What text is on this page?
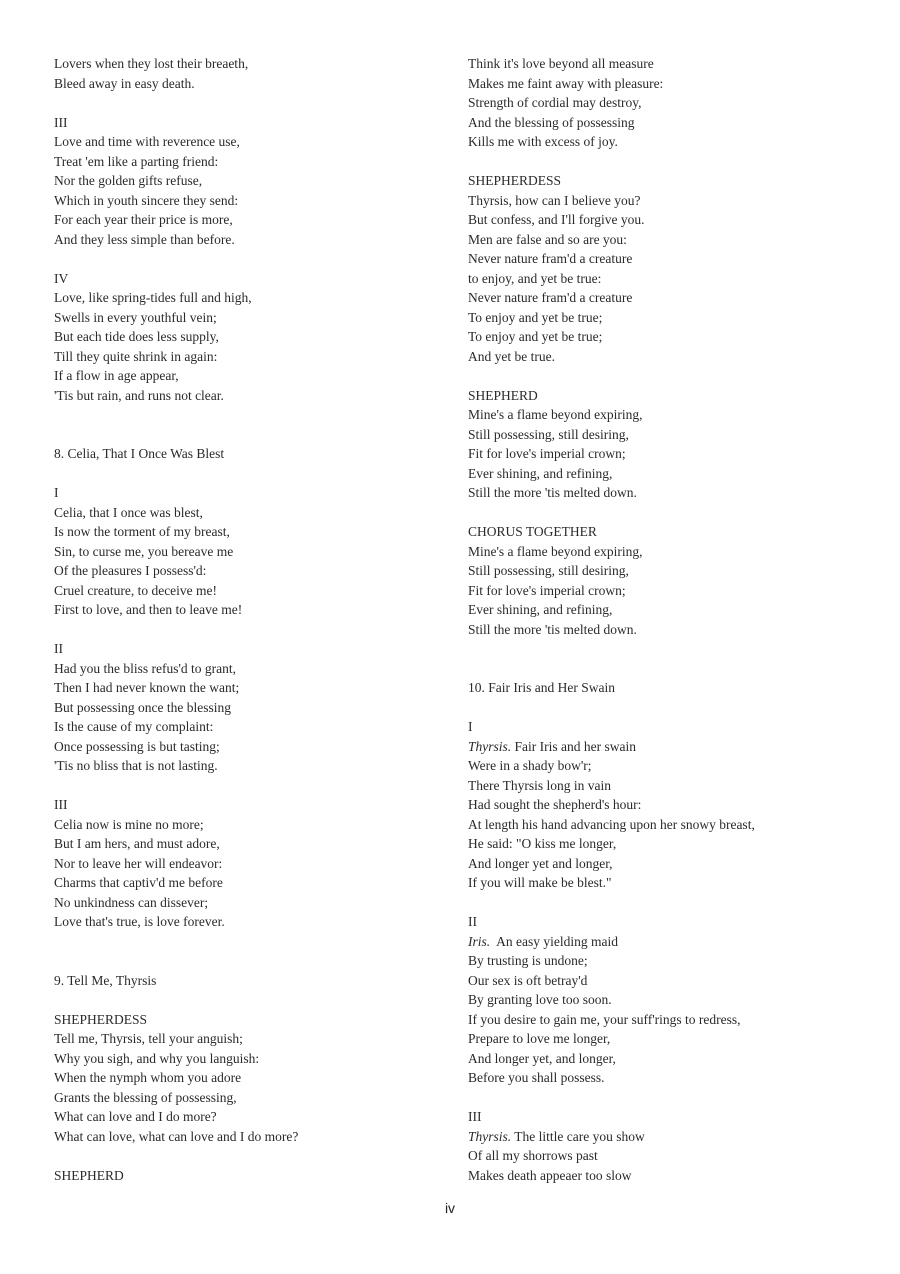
Lovers when they lost their breaeth,
Bleed away in easy death.
III
Love and time with reverence use,
Treat 'em like a parting friend:
Nor the golden gifts refuse,
Which in youth sincere they send:
For each year their price is more,
And they less simple than before.
IV
Love, like spring-tides full and high,
Swells in every youthful vein;
But each tide does less supply,
Till they quite shrink in again:
If a flow in age appear,
'Tis but rain, and runs not clear.
8. Celia, That I Once Was Blest
I
Celia, that I once was blest,
Is now the torment of my breast,
Sin, to curse me, you bereave me
Of the pleasures I possess'd:
Cruel creature, to deceive me!
First to love, and then to leave me!
II
Had you the bliss refus'd to grant,
Then I had never known the want;
But possessing once the blessing
Is the cause of my complaint:
Once possessing is but tasting;
'Tis no bliss that is not lasting.
III
Celia now is mine no more;
But I am hers, and must adore,
Nor to leave her will endeavor:
Charms that captiv'd me before
No unkindness can dissever;
Love that's true, is love forever.
9. Tell Me, Thyrsis
SHEPHERDESS
Tell me, Thyrsis, tell your anguish;
Why you sigh, and why you languish:
When the nymph whom you adore
Grants the blessing of possessing,
What can love and I do more?
What can love, what can love and I do more?
SHEPHERD
Think it's love beyond all measure
Makes me faint away with pleasure:
Strength of cordial may destroy,
And the blessing of possessing
Kills me with excess of joy.
SHEPHERDESS
Thyrsis, how can I believe you?
But confess, and I'll forgive you.
Men are false and so are you:
Never nature fram'd a creature
to enjoy, and yet be true:
Never nature fram'd a creature
To enjoy and yet be true;
To enjoy and yet be true;
And yet be true.
SHEPHERD
Mine's a flame beyond expiring,
Still possessing, still desiring,
Fit for love's imperial crown;
Ever shining, and refining,
Still the more 'tis melted down.
CHORUS TOGETHER
Mine's a flame beyond expiring,
Still possessing, still desiring,
Fit for love's imperial crown;
Ever shining, and refining,
Still the more 'tis melted down.
10. Fair Iris and Her Swain
I
Thyrsis. Fair Iris and her swain
Were in a shady bow'r;
There Thyrsis long in vain
Had sought the shepherd's hour:
At length his hand advancing upon her snowy breast,
He said: "O kiss me longer,
And longer yet and longer,
If you will make be blest."
II
Iris.  An easy yielding maid
By trusting is undone;
Our sex is oft betray'd
By granting love too soon.
If you desire to gain me, your suff'rings to redress,
Prepare to love me longer,
And longer yet, and longer,
Before you shall possess.
III
Thyrsis. The little care you show
Of all my shorrows past
Makes death appeaer too slow
iv
